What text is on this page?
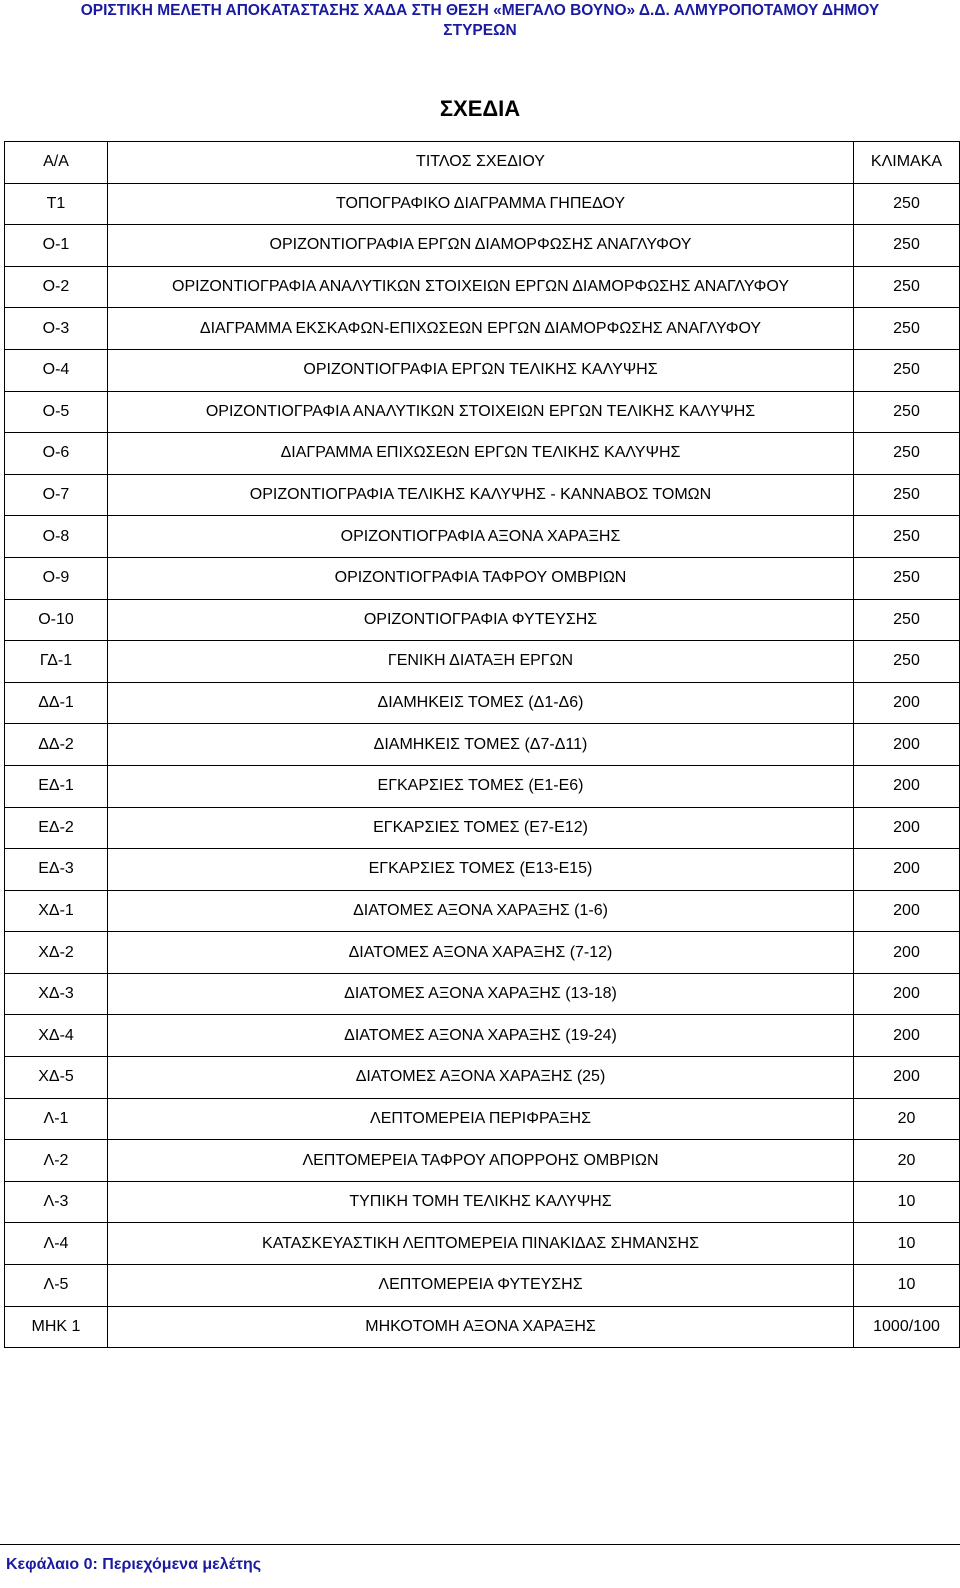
ΟΡΙΣΤΙΚΗ ΜΕΛΕΤΗ ΑΠΟΚΑΤΑΣΤΑΣΗΣ ΧΑΔΑ ΣΤΗ ΘΕΣΗ «ΜΕΓΑΛΟ ΒΟΥΝΟ» Δ.Δ. ΑΛΜΥΡΟΠΟΤΑΜΟΥ ΔΗΜΟΥ
ΣΤΥΡΕΩΝ
ΣΧΕΔΙΑ
Α/Α	ΤΙΤΛΟΣ ΣΧΕΔΙΟΥ	ΚΛΙΜΑΚΑ
Τ1	ΤΟΠΟΓΡΑΦΙΚΟ ΔΙΑΓΡΑΜΜΑ ΓΗΠΕΔΟΥ	250
Ο-1	ΟΡΙΖΟΝΤΙΟΓΡΑΦΙΑ ΕΡΓΩΝ ΔΙΑΜΟΡΦΩΣΗΣ ΑΝΑΓΛΥΦΟΥ	250
Ο-2	ΟΡΙΖΟΝΤΙΟΓΡΑΦΙΑ ΑΝΑΛΥΤΙΚΩΝ ΣΤΟΙΧΕΙΩΝ ΕΡΓΩΝ ΔΙΑΜΟΡΦΩΣΗΣ ΑΝΑΓΛΥΦΟΥ	250
Ο-3	ΔΙΑΓΡΑΜΜΑ ΕΚΣΚΑΦΩΝ-ΕΠΙΧΩΣΕΩΝ ΕΡΓΩΝ ΔΙΑΜΟΡΦΩΣΗΣ ΑΝΑΓΛΥΦΟΥ	250
Ο-4	ΟΡΙΖΟΝΤΙΟΓΡΑΦΙΑ ΕΡΓΩΝ ΤΕΛΙΚΗΣ ΚΑΛΥΨΗΣ	250
Ο-5	ΟΡΙΖΟΝΤΙΟΓΡΑΦΙΑ ΑΝΑΛΥΤΙΚΩΝ ΣΤΟΙΧΕΙΩΝ ΕΡΓΩΝ ΤΕΛΙΚΗΣ ΚΑΛΥΨΗΣ	250
Ο-6	ΔΙΑΓΡΑΜΜΑ ΕΠΙΧΩΣΕΩΝ ΕΡΓΩΝ ΤΕΛΙΚΗΣ ΚΑΛΥΨΗΣ	250
Ο-7	ΟΡΙΖΟΝΤΙΟΓΡΑΦΙΑ ΤΕΛΙΚΗΣ ΚΑΛΥΨΗΣ - ΚΑΝΝΑΒΟΣ ΤΟΜΩΝ	250
Ο-8	ΟΡΙΖΟΝΤΙΟΓΡΑΦΙΑ ΑΞΟΝΑ ΧΑΡΑΞΗΣ	250
Ο-9	ΟΡΙΖΟΝΤΙΟΓΡΑΦΙΑ ΤΑΦΡΟΥ ΟΜΒΡΙΩΝ	250
Ο-10	ΟΡΙΖΟΝΤΙΟΓΡΑΦΙΑ ΦΥΤΕΥΣΗΣ	250
ΓΔ-1	ΓΕΝΙΚΗ ΔΙΑΤΑΞΗ ΕΡΓΩΝ	250
ΔΔ-1	ΔΙΑΜΗΚΕΙΣ ΤΟΜΕΣ (Δ1-Δ6)	200
ΔΔ-2	ΔΙΑΜΗΚΕΙΣ ΤΟΜΕΣ (Δ7-Δ11)	200
ΕΔ-1	ΕΓΚΑΡΣΙΕΣ ΤΟΜΕΣ (Ε1-Ε6)	200
ΕΔ-2	ΕΓΚΑΡΣΙΕΣ ΤΟΜΕΣ (Ε7-Ε12)	200
ΕΔ-3	ΕΓΚΑΡΣΙΕΣ ΤΟΜΕΣ (Ε13-Ε15)	200
ΧΔ-1	ΔΙΑΤΟΜΕΣ ΑΞΟΝΑ ΧΑΡΑΞΗΣ (1-6)	200
ΧΔ-2	ΔΙΑΤΟΜΕΣ ΑΞΟΝΑ ΧΑΡΑΞΗΣ (7-12)	200
ΧΔ-3	ΔΙΑΤΟΜΕΣ ΑΞΟΝΑ ΧΑΡΑΞΗΣ (13-18)	200
ΧΔ-4	ΔΙΑΤΟΜΕΣ ΑΞΟΝΑ ΧΑΡΑΞΗΣ (19-24)	200
ΧΔ-5	ΔΙΑΤΟΜΕΣ ΑΞΟΝΑ ΧΑΡΑΞΗΣ (25)	200
Λ-1	ΛΕΠΤΟΜΕΡΕΙΑ ΠΕΡΙΦΡΑΞΗΣ	20
Λ-2	ΛΕΠΤΟΜΕΡΕΙΑ ΤΑΦΡΟΥ ΑΠΟΡΡΟΗΣ ΟΜΒΡΙΩΝ	20
Λ-3	ΤΥΠΙΚΗ ΤΟΜΗ ΤΕΛΙΚΗΣ ΚΑΛΥΨΗΣ	10
Λ-4	ΚΑΤΑΣΚΕΥΑΣΤΙΚΗ ΛΕΠΤΟΜΕΡΕΙΑ ΠΙΝΑΚΙΔΑΣ ΣΗΜΑΝΣΗΣ	10
Λ-5	ΛΕΠΤΟΜΕΡΕΙΑ ΦΥΤΕΥΣΗΣ	10
ΜΗΚ 1	ΜΗΚΟΤΟΜΗ ΑΞΟΝΑ ΧΑΡΑΞΗΣ	1000/100
Κεφάλαιο 0: Περιεχόμενα μελέτης
